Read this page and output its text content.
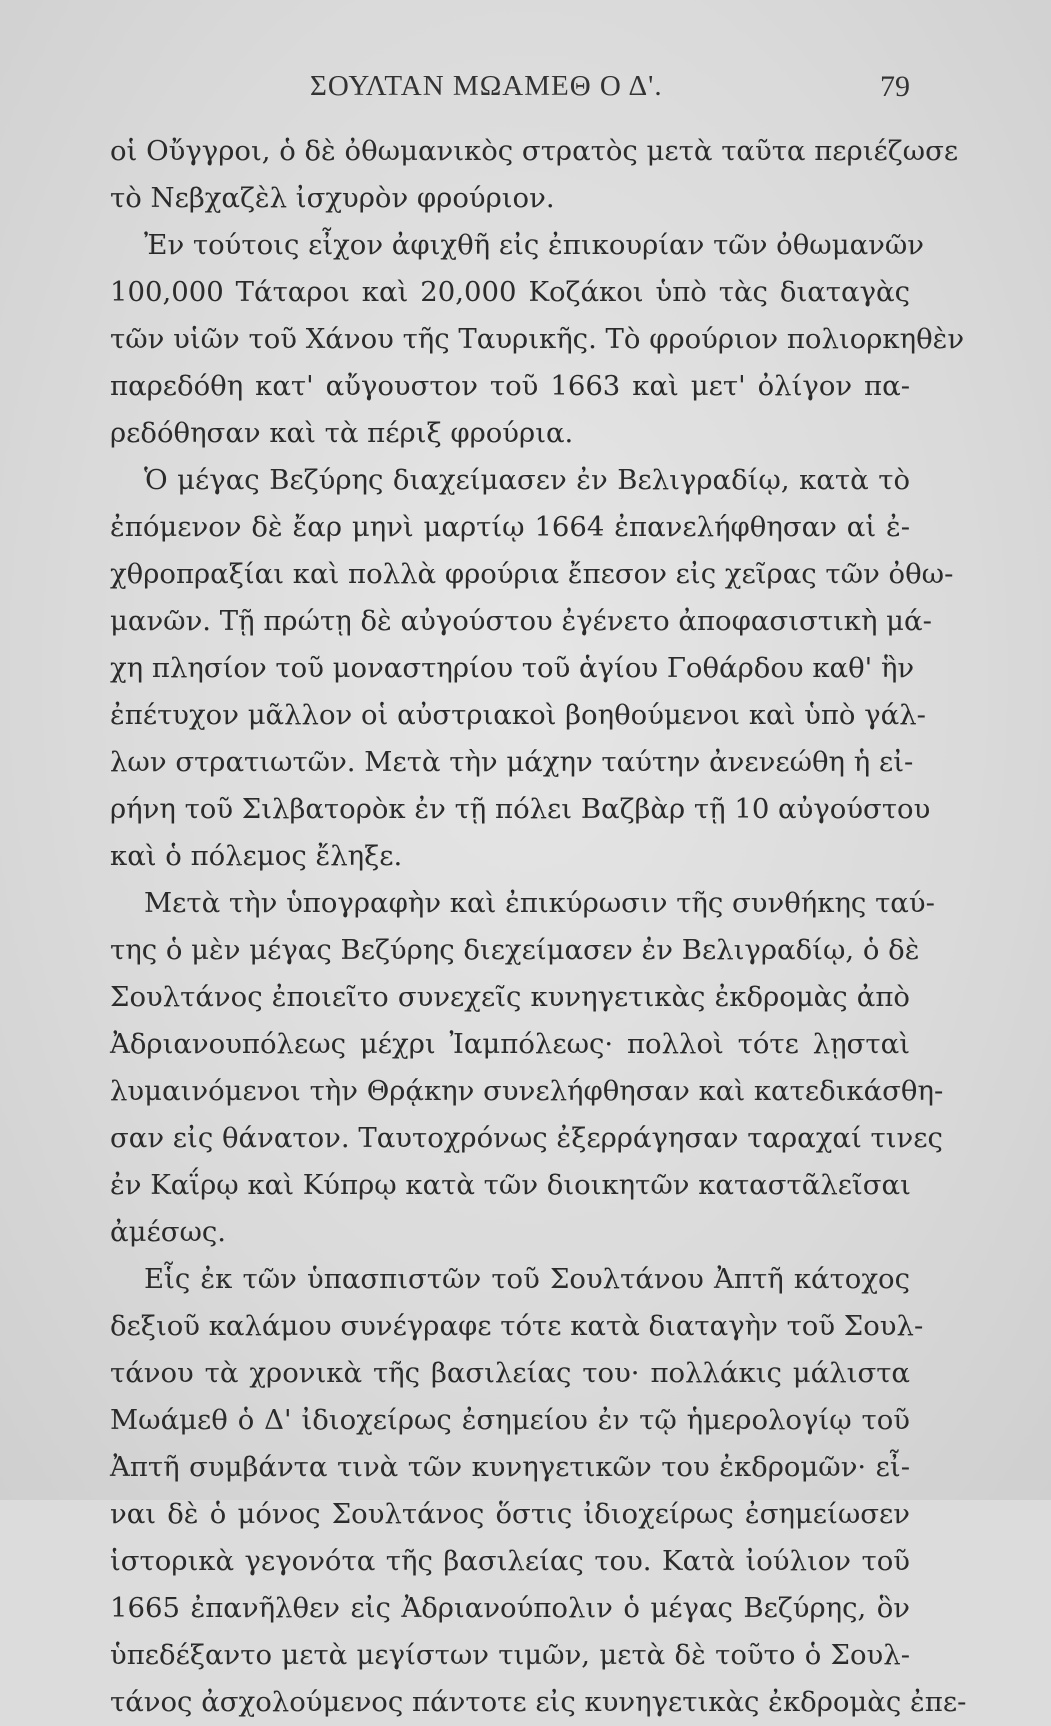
ΣΟΥΛΤΑΝ ΜΩΑΜΕΘ Ο Δ'.	79
οἱ Οὔγγροι, ὁ δὲ ὀθωμανικὸς στρατὸς μετὰ ταῦτα περιέζωσε
τὸ Νεβχαζὲλ ἰσχυρὸν φρούριον.
Ἐν τούτοις εἶχον ἀφιχθῆ εἰς ἐπικουρίαν τῶν ὀθωμανῶν
100,000 Τάταροι καὶ 20,000 Κοζάκοι ὑπὸ τὰς διαταγὰς
τῶν υἱῶν τοῦ Χάνου τῆς Ταυρικῆς. Τὸ φρούριον πολιορκηθὲν
παρεδόθη κατ' αὔγουστον τοῦ 1663 καὶ μετ' ὀλίγον πα-
ρεδόθησαν καὶ τὰ πέριξ φρούρια.
Ὁ μέγας Βεζύρης διαχείμασεν ἐν Βελιγραδίῳ, κατὰ τὸ
ἐπόμενον δὲ ἔαρ μηνὶ μαρτίῳ 1664 ἐπανελήφθησαν αἱ ἐ-
χθροπραξίαι καὶ πολλὰ φρούρια ἔπεσον εἰς χεῖρας τῶν ὀθω-
μανῶν. Τῇ πρώτῃ δὲ αὐγούστου ἐγένετο ἀποφασιστικὴ μά-
χη πλησίον τοῦ μοναστηρίου τοῦ ἁγίου Γοθάρδου καθ' ἣν
ἐπέτυχον μᾶλλον οἱ αὐστριακοὶ βοηθούμενοι καὶ ὑπὸ γάλ-
λων στρατιωτῶν. Μετὰ τὴν μάχην ταύτην ἀνενεώθη ἡ εἰ-
ρήνη τοῦ Σιλβατορὸκ ἐν τῇ πόλει Βαζβὰρ τῇ 10 αὐγούστου
καὶ ὁ πόλεμος ἔληξε.
Μετὰ τὴν ὑπογραφὴν καὶ ἐπικύρωσιν τῆς συνθήκης ταύ-
της ὁ μὲν μέγας Βεζύρης διεχείμασεν ἐν Βελιγραδίῳ, ὁ δὲ
Σουλτάνος ἐποιεῖτο συνεχεῖς κυνηγετικὰς ἐκδρομὰς ἀπὸ
Ἀδριανουπόλεως μέχρι Ἰαμπόλεως· πολλοὶ τότε λῃσταὶ
λυμαινόμενοι τὴν Θρᾴκην συνελήφθησαν καὶ κατεδικάσθη-
σαν εἰς θάνατον. Ταυτοχρόνως ἐξερράγησαν ταραχαί τινες
ἐν Καΐρῳ καὶ Κύπρῳ κατὰ τῶν διοικητῶν καταστᾶλεῖσαι
ἀμέσως.
Εἷς ἐκ τῶν ὑπασπιστῶν τοῦ Σουλτάνου Ἀπτῆ κάτοχος
δεξιοῦ καλάμου συνέγραφε τότε κατὰ διαταγὴν τοῦ Σουλ-
τάνου τὰ χρονικὰ τῆς βασιλείας του· πολλάκις μάλιστα
Μωάμεθ ὁ Δ' ἰδιοχείρως ἐσημείου ἐν τῷ ἡμερολογίῳ τοῦ
Ἀπτῆ συμβάντα τινὰ τῶν κυνηγετικῶν του ἐκδρομῶν· εἶ-
ναι δὲ ὁ μόνος Σουλτάνος ὅστις ἰδιοχείρως ἐσημείωσεν
ἱστορικὰ γεγονότα τῆς βασιλείας του. Κατὰ ἰούλιον τοῦ
1665 ἐπανῆλθεν εἰς Ἀδριανούπολιν ὁ μέγας Βεζύρης, ὃν
ὑπεδέξαντο μετὰ μεγίστων τιμῶν, μετὰ δὲ τοῦτο ὁ Σουλ-
τάνος ἀσχολούμενος πάντοτε εἰς κυνηγετικὰς ἐκδρομὰς ἐπε-
